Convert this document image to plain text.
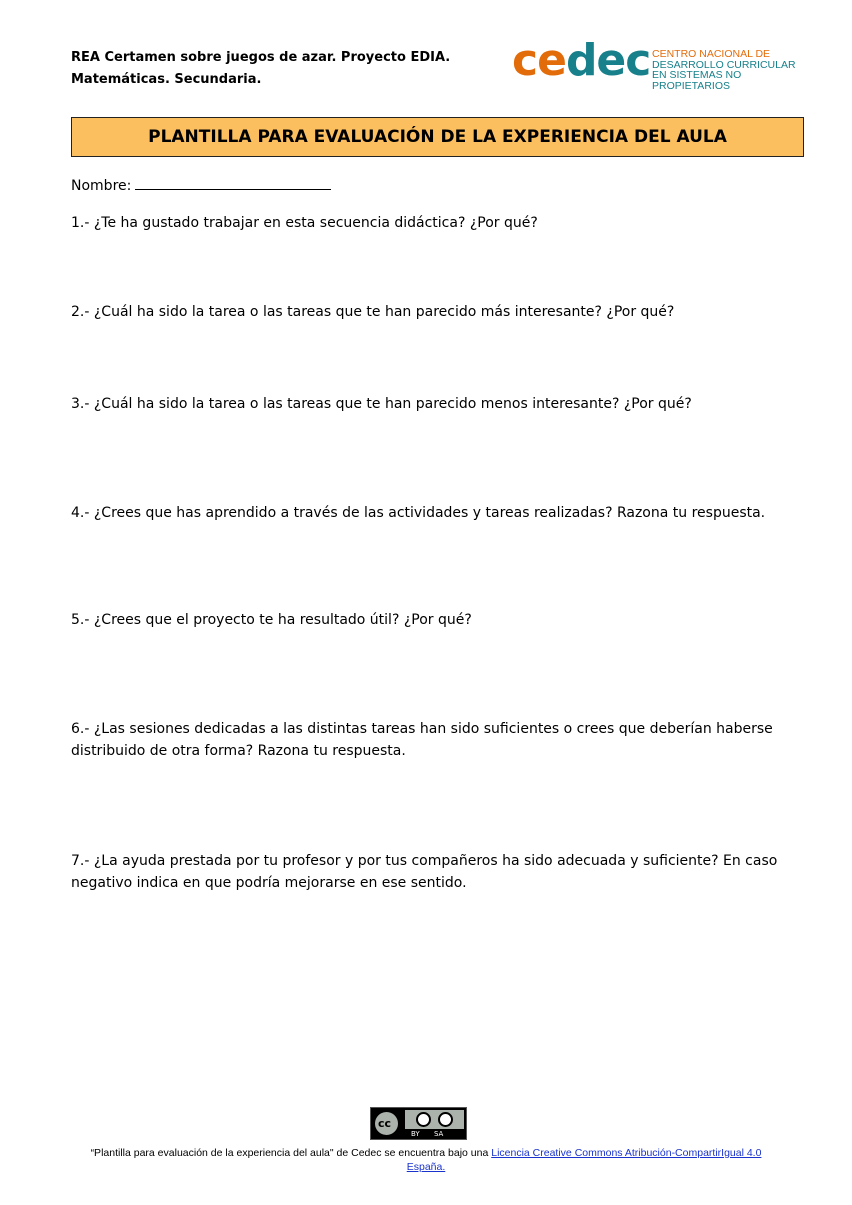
REA Certamen sobre juegos de azar. Proyecto EDIA.
Matemáticas. Secundaria.	cedec CENTRO NACIONAL DE
DESARROLLO CURRICULAR
EN SISTEMAS NO PROPIETARIOS
PLANTILLA PARA EVALUACIÓN DE LA EXPERIENCIA DEL AULA
Nombre:
1.- ¿Te ha gustado trabajar en esta secuencia didáctica? ¿Por qué?
2.- ¿Cuál ha sido la tarea o las tareas que te han parecido más interesante? ¿Por qué?
3.- ¿Cuál ha sido la tarea o las tareas que te han parecido menos interesante? ¿Por qué?
4.- ¿Crees que has aprendido a través de las actividades y tareas realizadas? Razona tu respuesta.
5.- ¿Crees que el proyecto te ha resultado útil? ¿Por qué?
6.- ¿Las sesiones dedicadas a las distintas tareas han sido suficientes o crees que deberían haberse
distribuido de otra forma? Razona tu respuesta.
7.- ¿La ayuda prestada por tu profesor y por tus compañeros ha sido adecuada y suficiente? En caso
negativo indica en que podría mejorarse en ese sentido.
cc
BY SA
“Plantilla para evaluación de la experiencia del aula" de Cedec se encuentra bajo una Licencia Creative Commons Atribución-CompartirIgual 4.0
España.
